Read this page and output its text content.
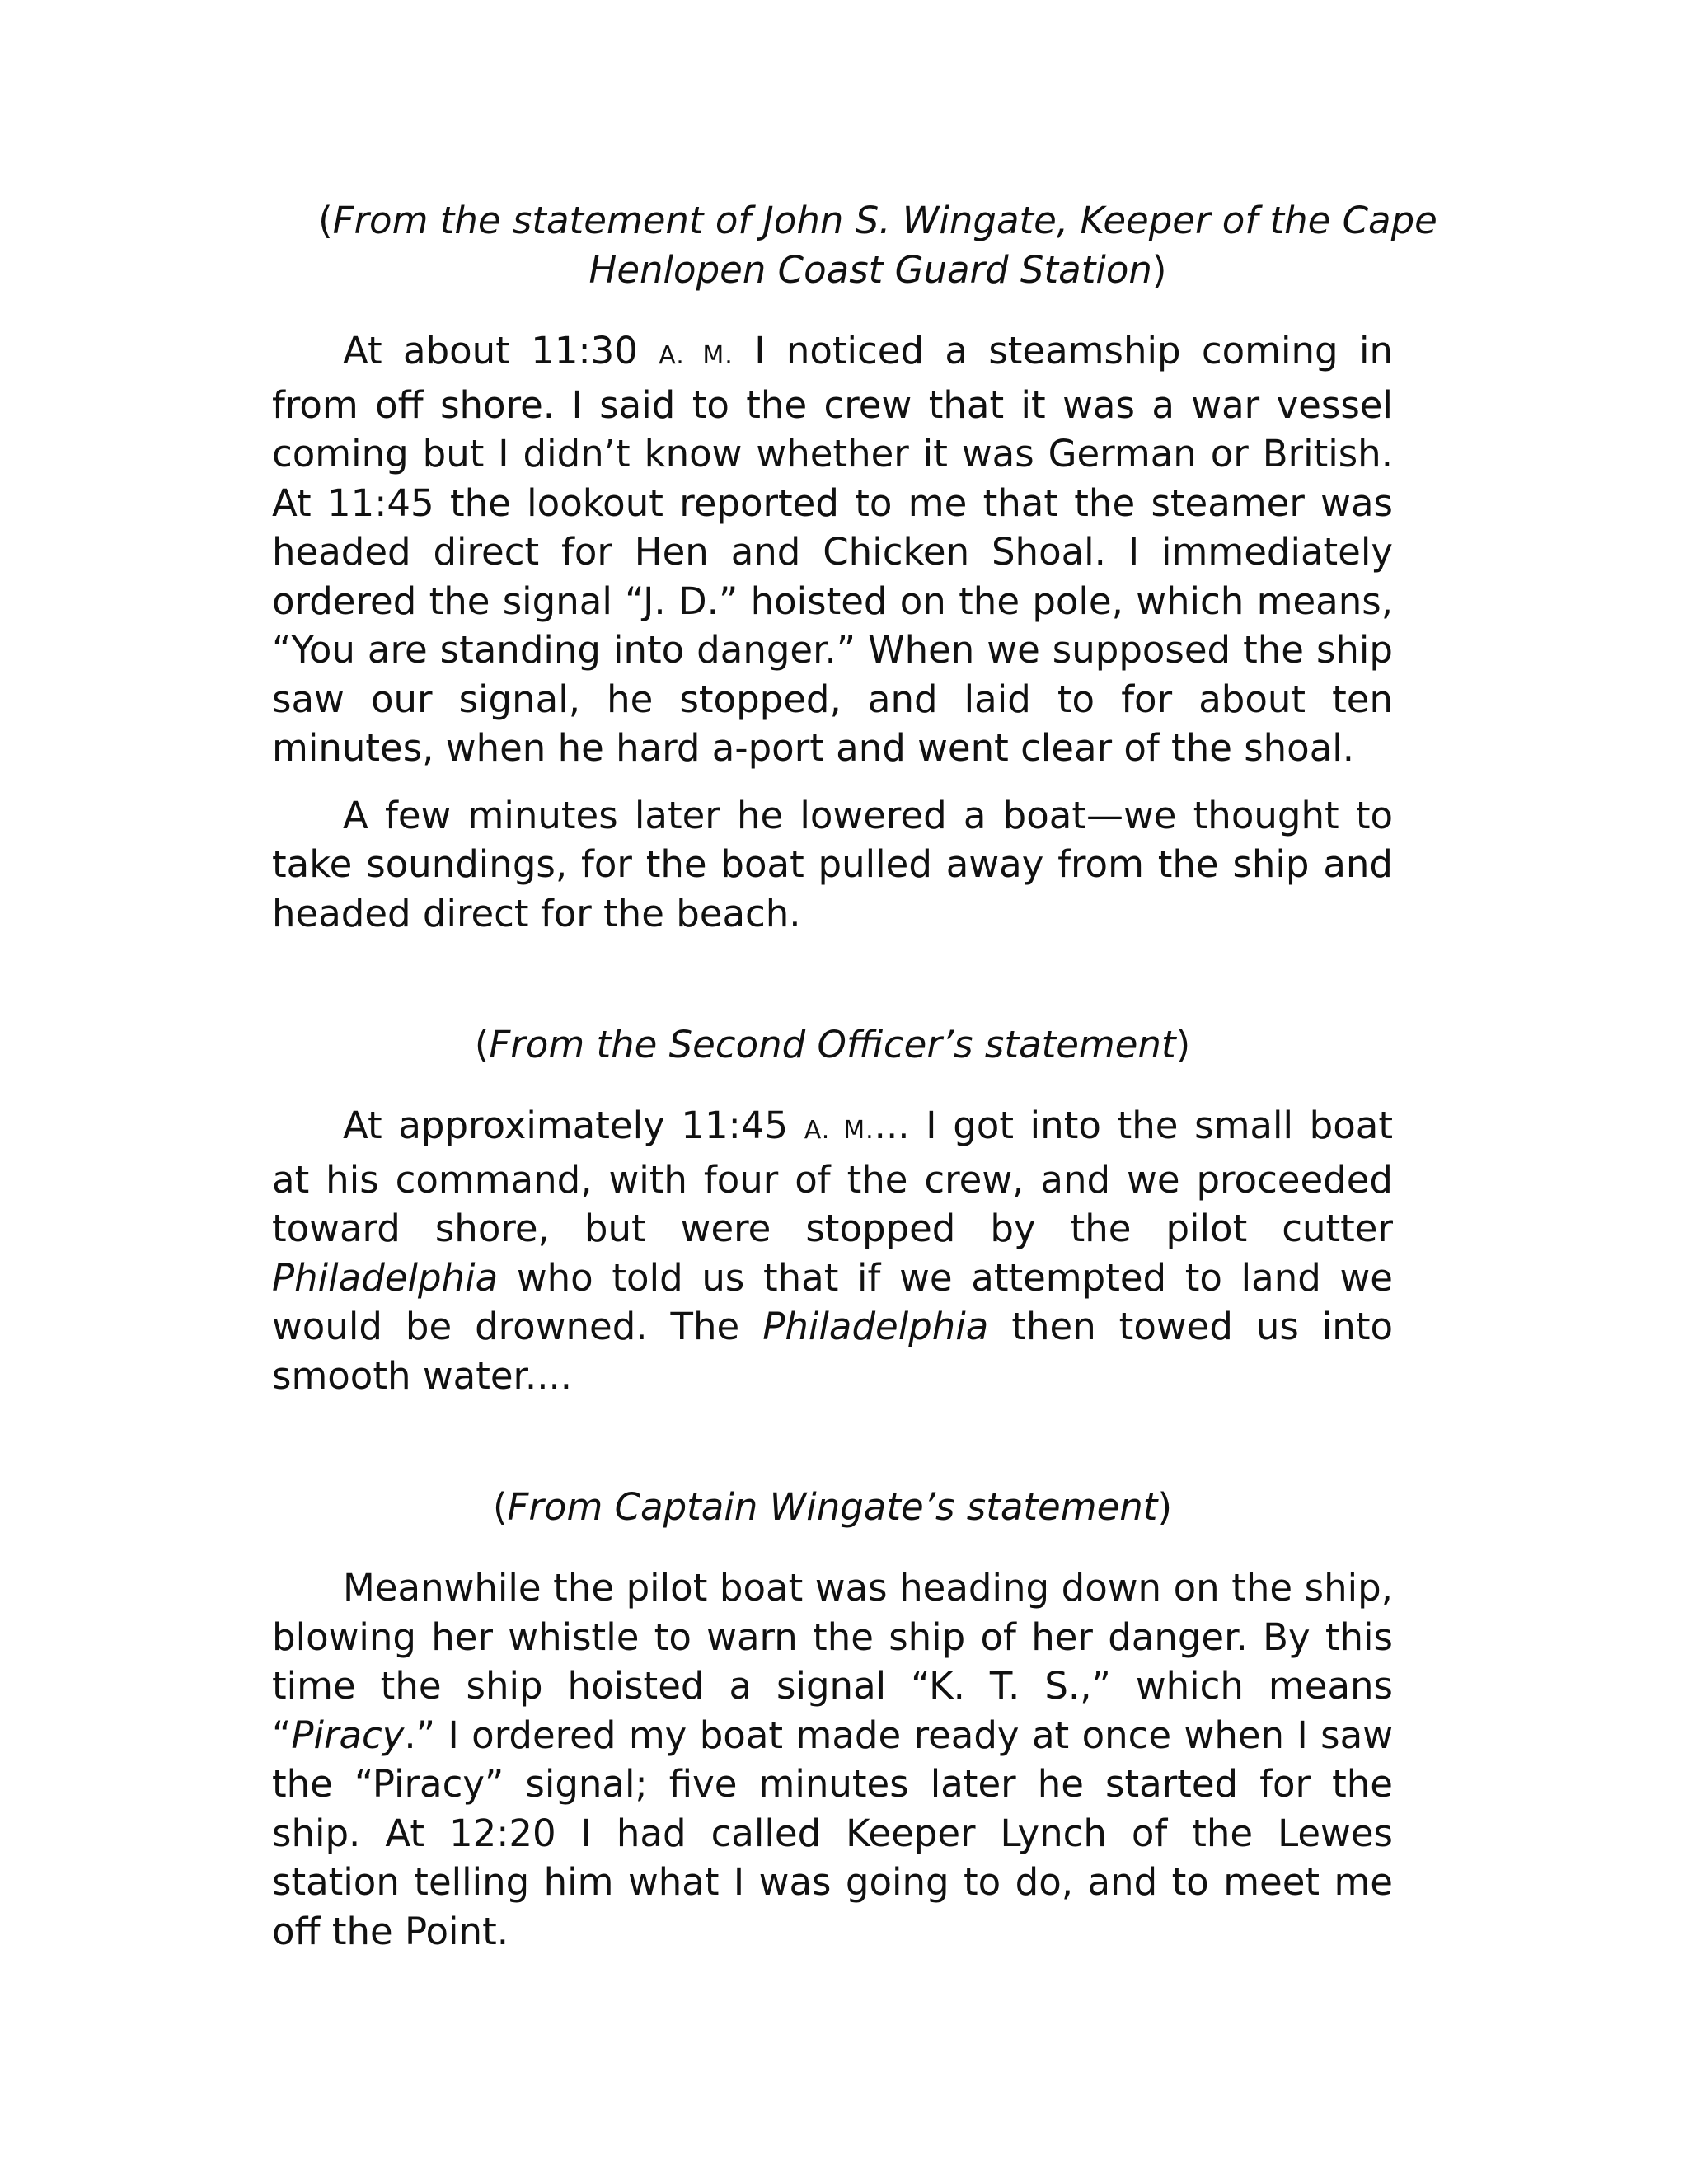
(From the statement of John S. Wingate, Keeper of the Cape Henlopen Coast Guard Station)

At about 11:30 A. M. I noticed a steamship coming in from off shore. I said to the crew that it was a war vessel coming but I didn’t know whether it was German or British. At 11:45 the lookout reported to me that the steamer was headed direct for Hen and Chicken Shoal. I immediately ordered the signal “J. D.” hoisted on the pole, which means, “You are standing into danger.” When we supposed the ship saw our signal, he stopped, and laid to for about ten minutes, when he hard a-port and went clear of the shoal.

A few minutes later he lowered a boat—we thought to take soundings, for the boat pulled away from the ship and headed direct for the beach.

(From the Second Officer’s statement)

At approximately 11:45 A. M.... I got into the small boat at his command, with four of the crew, and we proceeded toward shore, but were stopped by the pilot cutter Philadelphia who told us that if we attempted to land we would be drowned. The Philadelphia then towed us into smooth water....

(From Captain Wingate’s statement)

Meanwhile the pilot boat was heading down on the ship, blowing her whistle to warn the ship of her danger. By this time the ship hoisted a signal “K. T. S.,” which means “Piracy.” I ordered my boat made ready at once when I saw the “Piracy” signal; five minutes later he started for the ship. At 12:20 I had called Keeper Lynch of the Lewes station telling him what I was going to do, and to meet me off the Point.
